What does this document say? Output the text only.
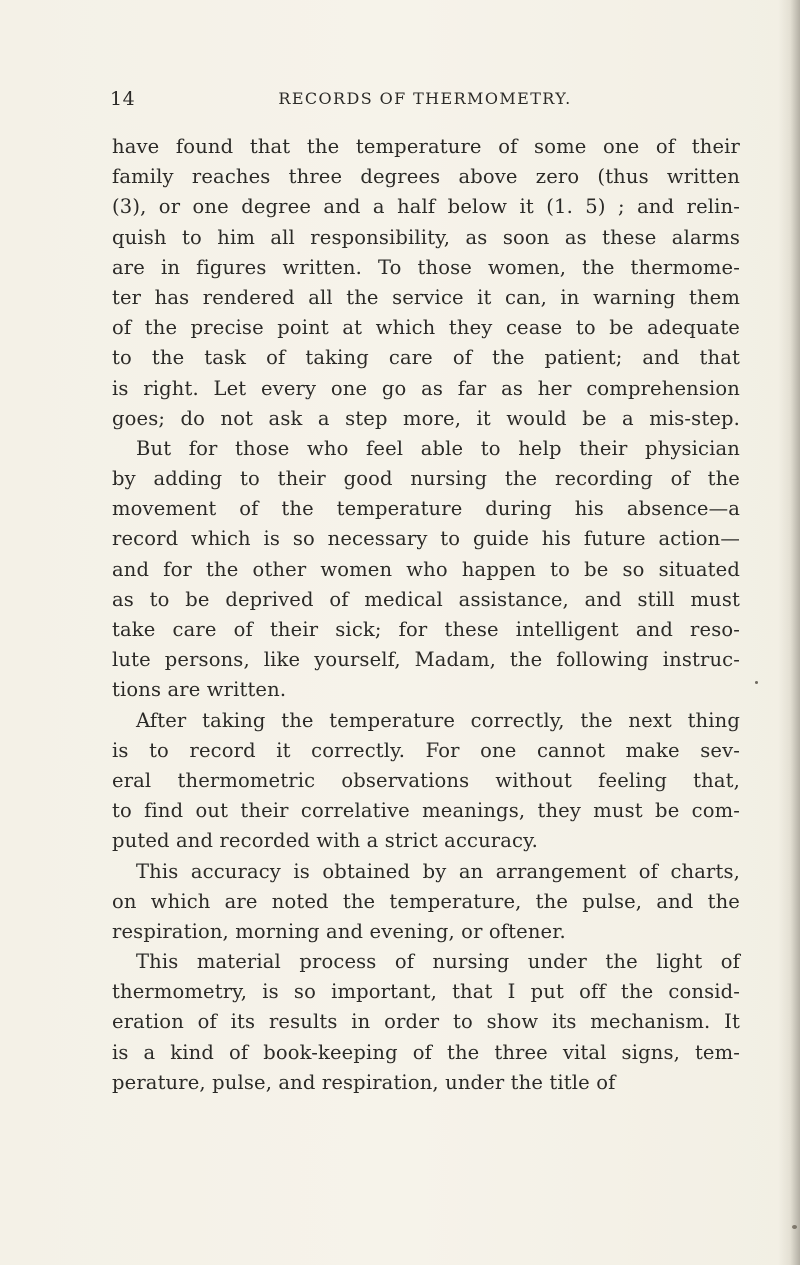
14	RECORDS OF THERMOMETRY.
have found that the temperature of some one of their
family reaches three degrees above zero (thus written
(3), or one degree and a half below it (1. 5) ; and relin-
quish to him all responsibility, as soon as these alarms
are in figures written. To those women, the thermome-
ter has rendered all the service it can, in warning them
of the precise point at which they cease to be adequate
to the task of taking care of the patient; and that
is right. Let every one go as far as her comprehension
goes; do not ask a step more, it would be a mis-step.
But for those who feel able to help their physician
by adding to their good nursing the recording of the
movement of the temperature during his absence—a
record which is so necessary to guide his future action—
and for the other women who happen to be so situated
as to be deprived of medical assistance, and still must
take care of their sick; for these intelligent and reso-
lute persons, like yourself, Madam, the following instruc-
tions are written.
After taking the temperature correctly, the next thing
is to record it correctly. For one cannot make sev-
eral thermometric observations without feeling that,
to find out their correlative meanings, they must be com-
puted and recorded with a strict accuracy.
This accuracy is obtained by an arrangement of charts,
on which are noted the temperature, the pulse, and the
respiration, morning and evening, or oftener.
This material process of nursing under the light of
thermometry, is so important, that I put off the consid-
eration of its results in order to show its mechanism. It
is a kind of book-keeping of the three vital signs, tem-
perature, pulse, and respiration, under the title of
